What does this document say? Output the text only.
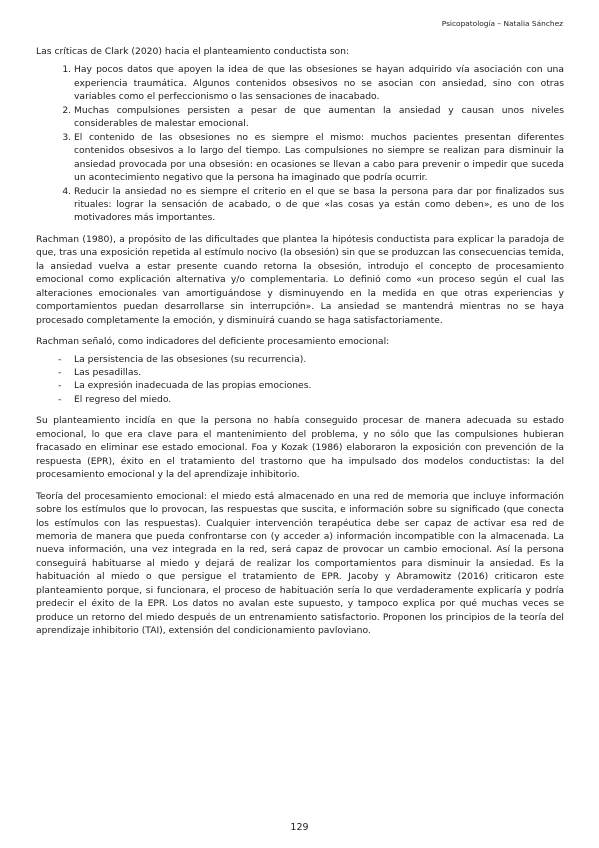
Psicopatología – Natalia Sánchez

Las críticas de Clark (2020) hacia el planteamiento conductista son:

1. Hay pocos datos que apoyen la idea de que las obsesiones se hayan adquirido vía asociación con una experiencia traumática. Algunos contenidos obsesivos no se asocian con ansiedad, sino con otras variables como el perfeccionismo o las sensaciones de inacabado.
2. Muchas compulsiones persisten a pesar de que aumentan la ansiedad y causan unos niveles considerables de malestar emocional.
3. El contenido de las obsesiones no es siempre el mismo: muchos pacientes presentan diferentes contenidos obsesivos a lo largo del tiempo. Las compulsiones no siempre se realizan para disminuir la ansiedad provocada por una obsesión: en ocasiones se llevan a cabo para prevenir o impedir que suceda un acontecimiento negativo que la persona ha imaginado que podría ocurrir.
4. Reducir la ansiedad no es siempre el criterio en el que se basa la persona para dar por finalizados sus rituales: lograr la sensación de acabado, o de que «las cosas ya están como deben», es uno de los motivadores más importantes.

Rachman (1980), a propósito de las dificultades que plantea la hipótesis conductista para explicar la paradoja de que, tras una exposición repetida al estímulo nocivo (la obsesión) sin que se produzcan las consecuencias temida, la ansiedad vuelva a estar presente cuando retorna la obsesión, introdujo el concepto de procesamiento emocional como explicación alternativa y/o complementaria. Lo definió como «un proceso según el cual las alteraciones emocionales van amortiguándose y disminuyendo en la medida en que otras experiencias y comportamientos puedan desarrollarse sin interrupción». La ansiedad se mantendrá mientras no se haya procesado completamente la emoción, y disminuirá cuando se haga satisfactoriamente.

Rachman señaló, como indicadores del deficiente procesamiento emocional:

- La persistencia de las obsesiones (su recurrencia).
- Las pesadillas.
- La expresión inadecuada de las propias emociones.
- El regreso del miedo.

Su planteamiento incidía en que la persona no había conseguido procesar de manera adecuada su estado emocional, lo que era clave para el mantenimiento del problema, y no sólo que las compulsiones hubieran fracasado en eliminar ese estado emocional. Foa y Kozak (1986) elaboraron la exposición con prevención de la respuesta (EPR), éxito en el tratamiento del trastorno que ha impulsado dos modelos conductistas: la del procesamiento emocional y la del aprendizaje inhibitorio.

Teoría del procesamiento emocional: el miedo está almacenado en una red de memoria que incluye información sobre los estímulos que lo provocan, las respuestas que suscita, e información sobre su significado (que conecta los estímulos con las respuestas). Cualquier intervención terapéutica debe ser capaz de activar esa red de memoria de manera que pueda confrontarse con (y acceder a) información incompatible con la almacenada. La nueva información, una vez integrada en la red, será capaz de provocar un cambio emocional. Así la persona conseguirá habituarse al miedo y dejará de realizar los comportamientos para disminuir la ansiedad. Es la habituación al miedo o que persigue el tratamiento de EPR. Jacoby y Abramowitz (2016) criticaron este planteamiento porque, si funcionara, el proceso de habituación sería lo que verdaderamente explicaría y podría predecir el éxito de la EPR. Los datos no avalan este supuesto, y tampoco explica por qué muchas veces se produce un retorno del miedo después de un entrenamiento satisfactorio. Proponen los principios de la teoría del aprendizaje inhibitorio (TAI), extensión del condicionamiento pavloviano.

129
